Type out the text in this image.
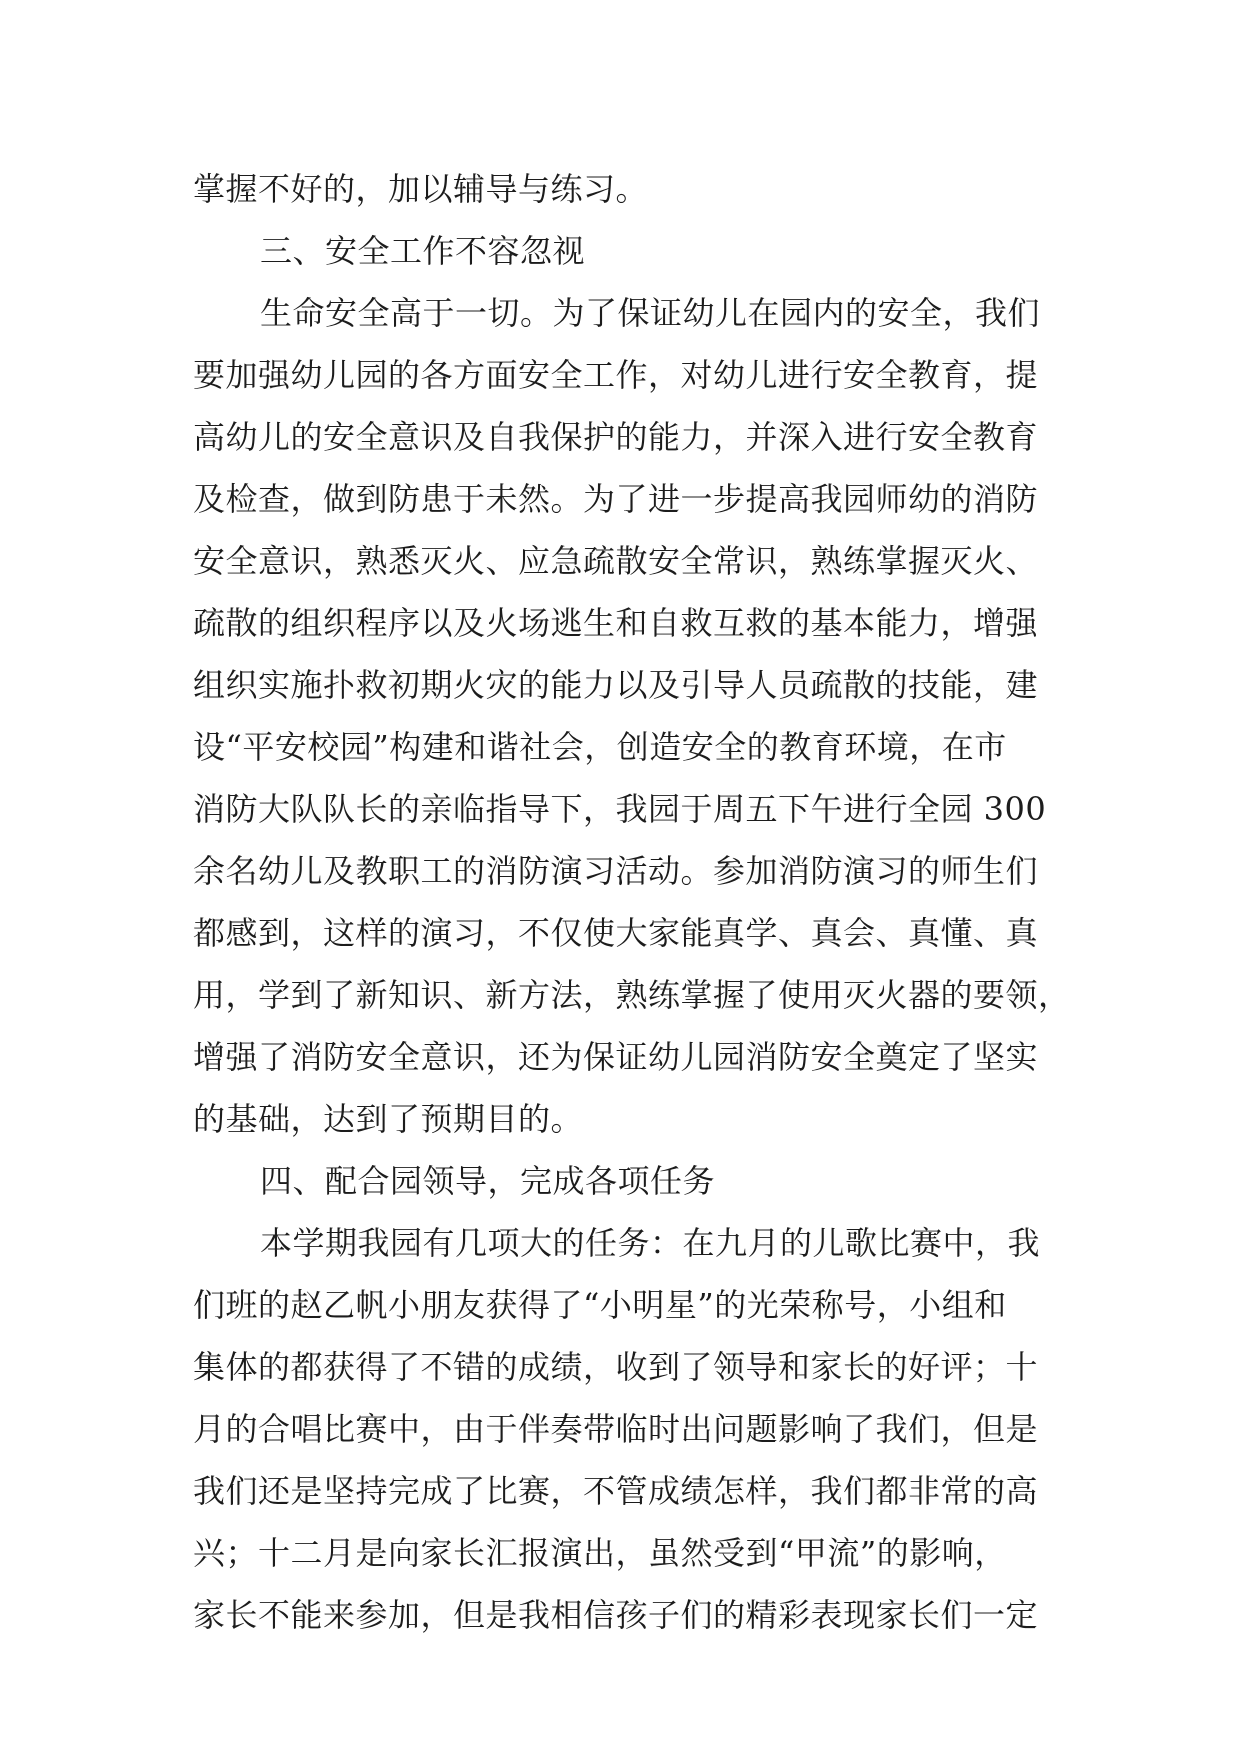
掌握不好的，加以辅导与练习。
三、安全工作不容忽视
生命安全高于一切。为了保证幼儿在园内的安全，我们
要加强幼儿园的各方面安全工作，对幼儿进行安全教育，提
高幼儿的安全意识及自我保护的能力，并深入进行安全教育
及检查，做到防患于未然。为了进一步提高我园师幼的消防
安全意识，熟悉灭火、应急疏散安全常识，熟练掌握灭火、
疏散的组织程序以及火场逃生和自救互救的基本能力，增强
组织实施扑救初期火灾的能力以及引导人员疏散的技能，建
设“平安校园”构建和谐社会，创造安全的教育环境，在市
消防大队队长的亲临指导下，我园于周五下午进行全园 300
余名幼儿及教职工的消防演习活动。参加消防演习的师生们
都感到，这样的演习，不仅使大家能真学、真会、真懂、真
用，学到了新知识、新方法，熟练掌握了使用灭火器的要领，
增强了消防安全意识，还为保证幼儿园消防安全奠定了坚实
的基础，达到了预期目的。
四、配合园领导，完成各项任务
本学期我园有几项大的任务：在九月的儿歌比赛中，我
们班的赵乙帆小朋友获得了“小明星”的光荣称号，小组和
集体的都获得了不错的成绩，收到了领导和家长的好评；十
月的合唱比赛中，由于伴奏带临时出问题影响了我们，但是
我们还是坚持完成了比赛，不管成绩怎样，我们都非常的高
兴；十二月是向家长汇报演出，虽然受到“甲流”的影响，
家长不能来参加，但是我相信孩子们的精彩表现家长们一定
